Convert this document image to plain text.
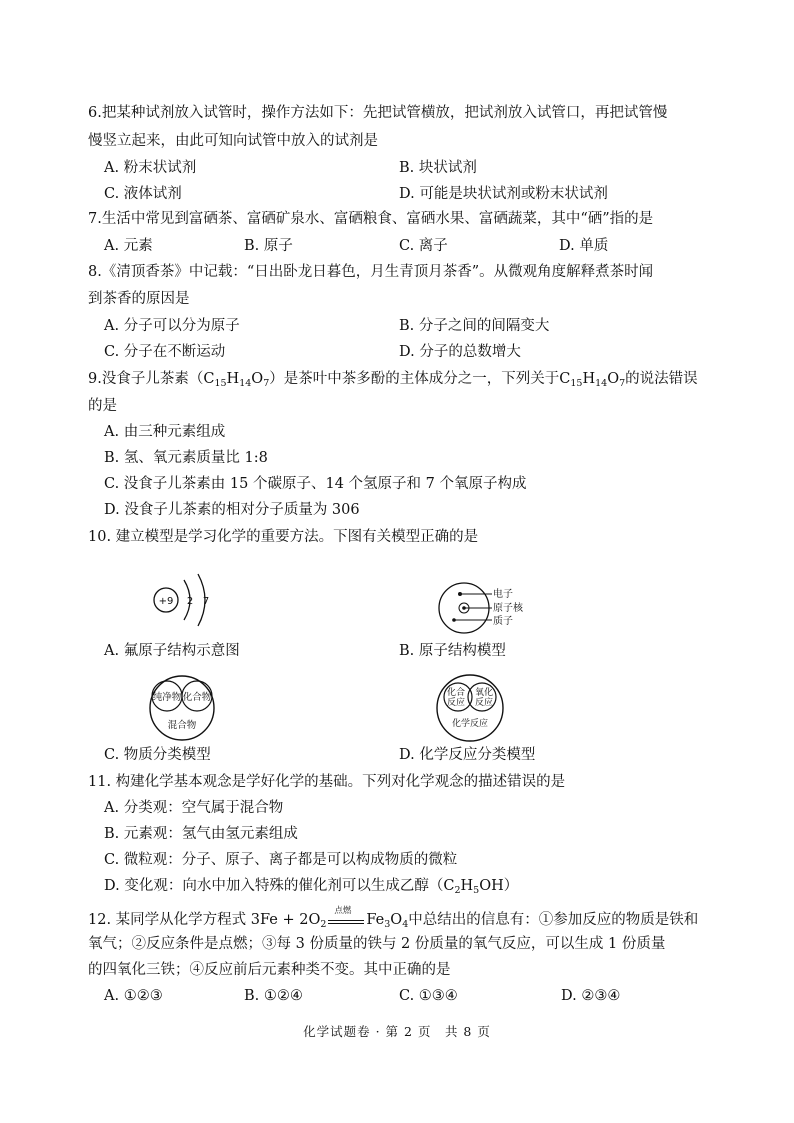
6.把某种试剂放入试管时，操作方法如下：先把试管横放，把试剂放入试管口，再把试管慢
慢竖立起来，由此可知向试管中放入的试剂是
A. 粉末状试剂	B. 块状试剂
C. 液体试剂	D. 可能是块状试剂或粉末状试剂
7.生活中常见到富硒茶、富硒矿泉水、富硒粮食、富硒水果、富硒蔬菜，其中“硒”指的是
A. 元素	B. 原子	C. 离子	D. 单质
8.《清顶香茶》中记载：“日出卧龙日暮色，月生青顶月茶香”。从微观角度解释煮茶时闻
到茶香的原因是
A. 分子可以分为原子	B. 分子之间的间隔变大
C. 分子在不断运动	D. 分子的总数增大
9.没食子儿茶素$(C_{15}H_{14}O_7)$是茶叶中茶多酚的主体成分之一，下列关于$C_{15}H_{14}O_7$的说法错误
的是
A. 由三种元素组成
B. 氢、氧元素质量比 1:8
C. 没食子儿茶素由 15 个碳原子、14 个氢原子和 7 个氧原子构成
D. 没食子儿茶素的相对分子质量为 306
10. 建立模型是学习化学的重要方法。下图有关模型正确的是
+9 2 7
电子
原子核
质子
A. 氟原子结构示意图	B. 原子结构模型
纯净物 化合物
混合物
化合
反应
氧化
反应
化学反应
C. 物质分类模型	D. 化学反应分类模型
11. 构建化学基本观念是学好化学的基础。下列对化学观念的描述错误的是
A. 分类观：空气属于混合物
B. 元素观：氢气由氢元素组成
C. 微粒观：分子、原子、离子都是可以构成物质的微粒
D. 变化观：向水中加入特殊的催化剂可以生成乙醇$(C_2H_5OH)$
12. 某同学从化学方程式 $3Fe + 2O_2$
点燃
$Fe_3O_4$中总结出的信息有：①参加反应的物质是铁和
氧气；②反应条件是点燃；③每 3 份质量的铁与 2 份质量的氧气反应，可以生成 1 份质量
的四氧化三铁；④反应前后元素种类不变。其中正确的是
A. ①②③	B. ①②④	C. ①③④	D. ②③④
化学试题卷 · 第 2 页　共 8 页
